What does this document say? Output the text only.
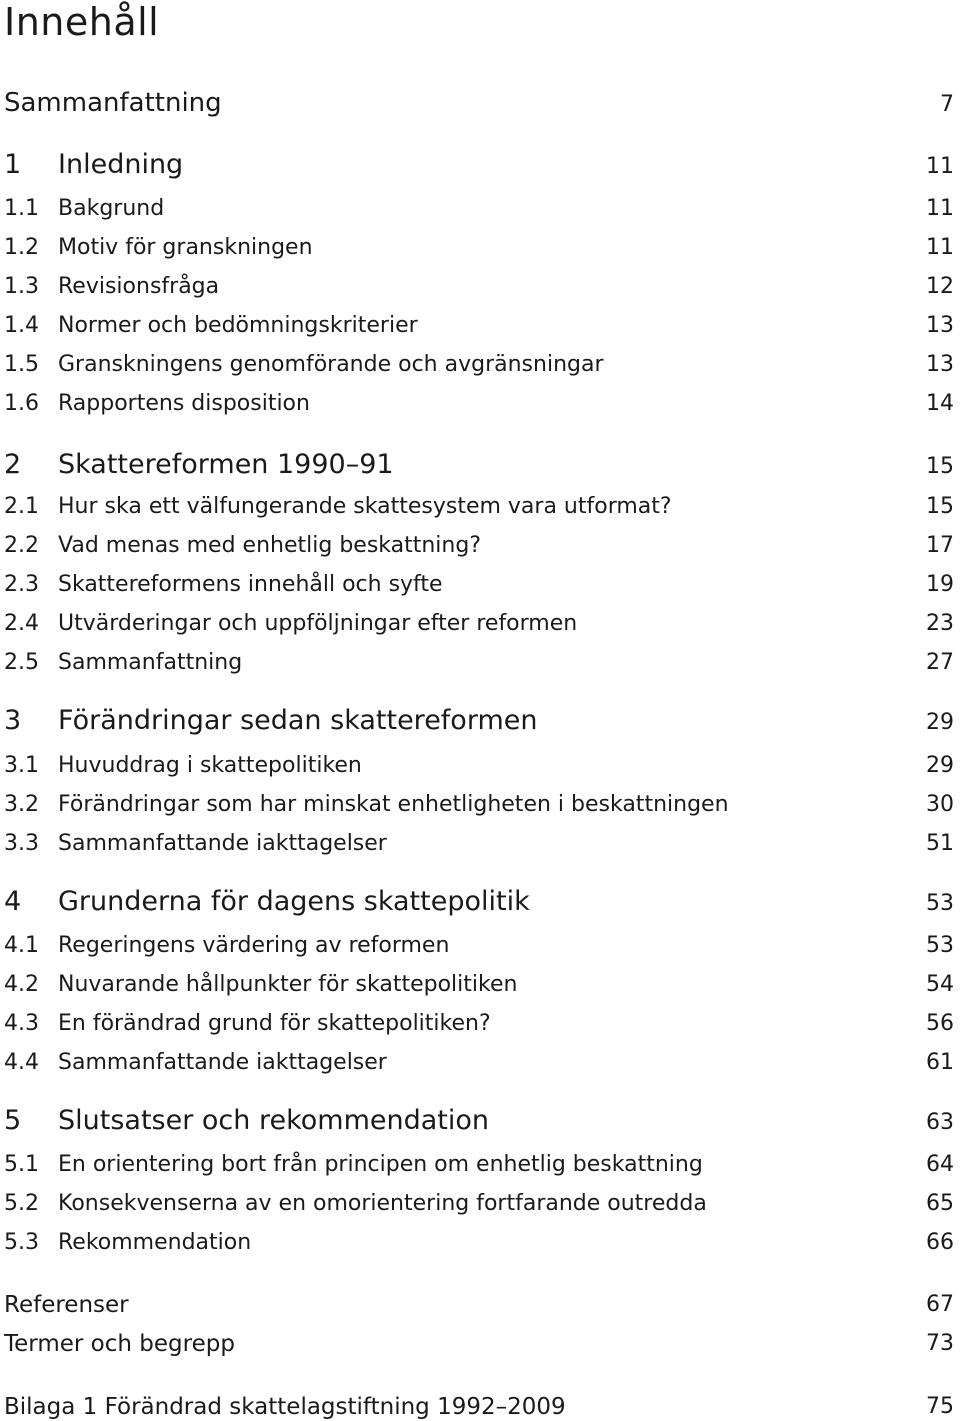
Innehåll
Sammanfattning	7
1 Inledning	11
1.1 Bakgrund	11
1.2 Motiv för granskningen	11
1.3 Revisionsfråga	12
1.4 Normer och bedömningskriterier	13
1.5 Granskningens genomförande och avgränsningar	13
1.6 Rapportens disposition	14
2 Skattereformen 1990–91	15
2.1 Hur ska ett välfungerande skattesystem vara utformat?	15
2.2 Vad menas med enhetlig beskattning?	17
2.3 Skattereformens innehåll och syfte	19
2.4 Utvärderingar och uppföljningar efter reformen	23
2.5 Sammanfattning	27
3 Förändringar sedan skattereformen	29
3.1 Huvuddrag i skattepolitiken	29
3.2 Förändringar som har minskat enhetligheten i beskattningen	30
3.3 Sammanfattande iakttagelser	51
4 Grunderna för dagens skattepolitik	53
4.1 Regeringens värdering av reformen	53
4.2 Nuvarande hållpunkter för skattepolitiken	54
4.3 En förändrad grund för skattepolitiken?	56
4.4 Sammanfattande iakttagelser	61
5 Slutsatser och rekommendation	63
5.1 En orientering bort från principen om enhetlig beskattning	64
5.2 Konsekvenserna av en omorientering fortfarande outredda	65
5.3 Rekommendation	66
Referenser	67
Termer och begrepp	73
Bilaga 1 Förändrad skattelagstiftning 1992–2009	75
